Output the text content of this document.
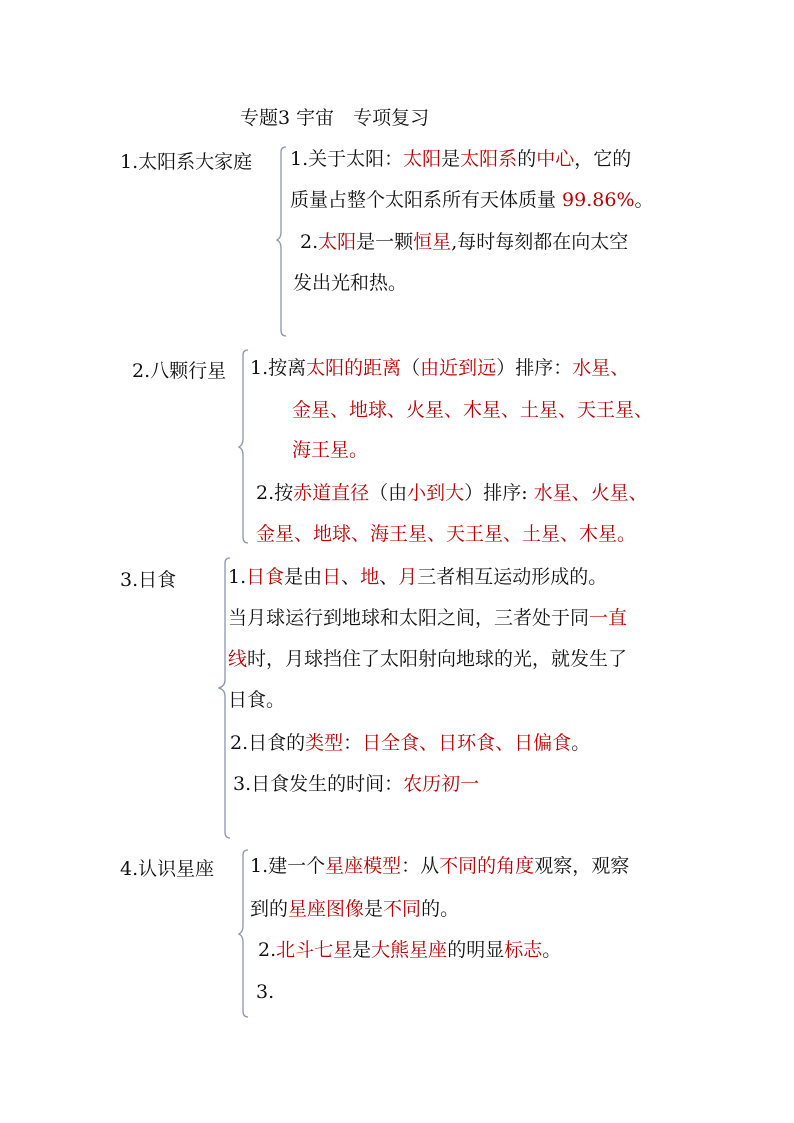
专题3 宇宙　专项复习
1.太阳系大家庭 1.关于太阳：太阳是太阳系的中心，它的
质量占整个太阳系所有天体质量 99.86%。
2.太阳是一颗恒星,每时每刻都在向太空
发出光和热。
2.八颗行星 1.按离太阳的距离（由近到远）排序：水星、
金星、地球、火星、木星、土星、天王星、
海王星。
2.按赤道直径（由小到大）排序: 水星、火星、
金星、地球、海王星、天王星、土星、木星。
3.日食	1.日食是由日、地、月三者相互运动形成的。
当月球运行到地球和太阳之间，三者处于同一直
线时，月球挡住了太阳射向地球的光，就发生了
日食。
2.日食的类型：日全食、日环食、日偏食。
3.日食发生的时间：农历初一
4.认识星座 1.建一个星座模型：从不同的角度观察，观察
到的星座图像是不同的。
2.北斗七星是大熊星座的明显标志。
3.
